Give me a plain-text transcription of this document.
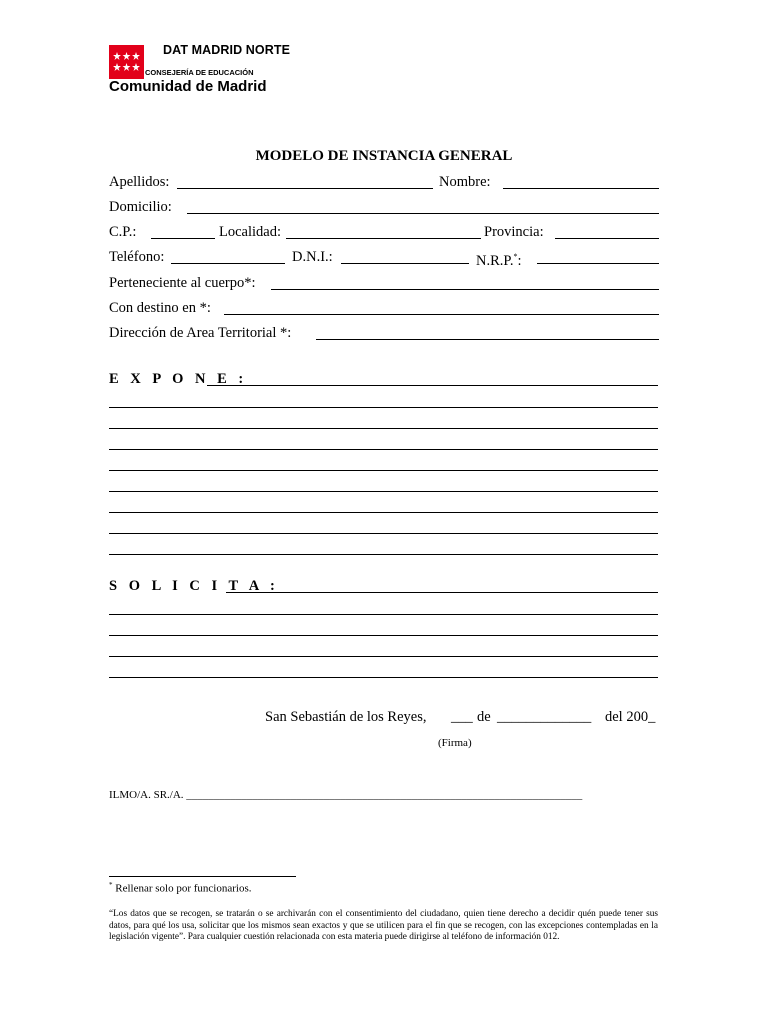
DAT MADRID NORTE
CONSEJERÍA DE EDUCACIÓN
Comunidad de Madrid
MODELO DE INSTANCIA GENERAL
Apellidos:	Nombre:
Domicilio:
C.P.:	Localidad:	Provincia:
Teléfono:	D.N.I.:	N.R.P.*:
Perteneciente al cuerpo*:
Con destino en *:
Dirección de Area Territorial *:
E X P O N E :
S O L I C I T A :
San Sebastián de los Reyes, ___ de _____________ del 200_
(Firma)
ILMO/A. SR./A. ________________________________________________________________________
* Rellenar solo por funcionarios.
“Los datos que se recogen, se tratarán o se archivarán con el consentimiento del ciudadano, quien tiene derecho a decidir quén puede tener sus datos, para qué los usa, solicitar que los mismos sean exactos y que se utilicen para el fin que se recogen, con las excepciones contempladas en la legislación vigente”. Para cualquier cuestión relacionada con esta materia puede dirigirse al teléfono de información 012.
